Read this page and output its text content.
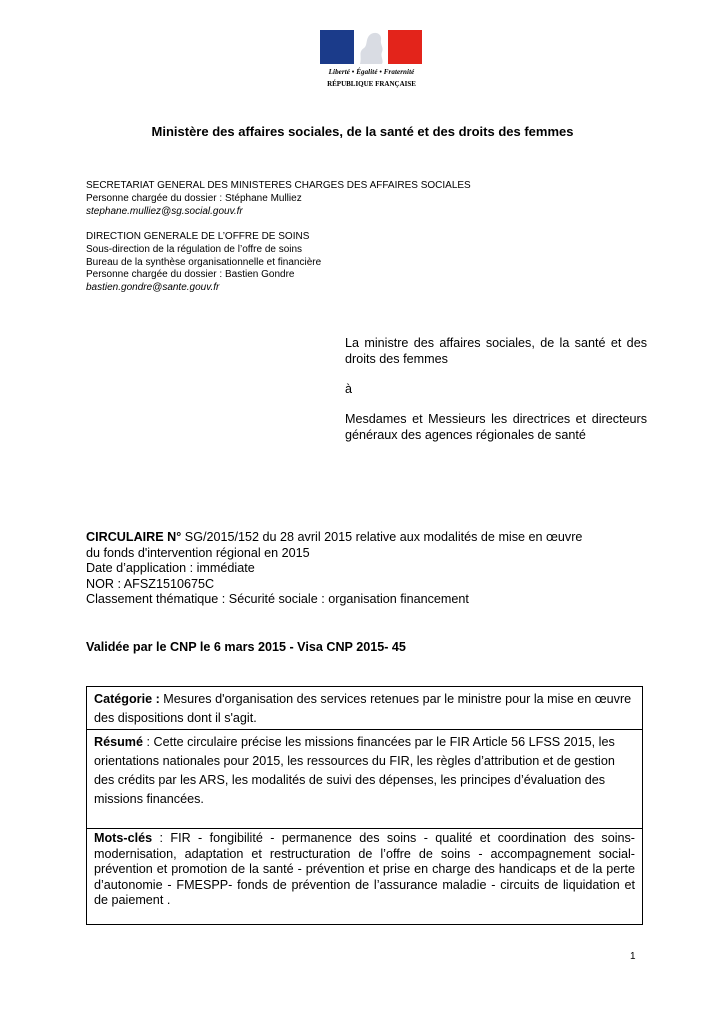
Liberté • Égalité • Fraternité
RÉPUBLIQUE FRANÇAISE
Ministère des affaires sociales, de la santé et des droits des femmes
SECRETARIAT GENERAL DES MINISTERES CHARGES DES AFFAIRES SOCIALES
Personne chargée du dossier : Stéphane Mulliez
stephane.mulliez@sg.social.gouv.fr
DIRECTION GENERALE DE L’OFFRE DE SOINS
Sous-direction de la régulation de l’offre de soins
Bureau de la synthèse organisationnelle et financière
Personne chargée du dossier : Bastien Gondre
bastien.gondre@sante.gouv.fr

La ministre des affaires sociales, de la santé et des droits des femmes

à

Mesdames et Messieurs les directrices et directeurs généraux des agences régionales de santé

CIRCULAIRE N° SG/2015/152 du 28 avril 2015 relative aux modalités de mise en œuvre
du fonds d'intervention régional en 2015
Date d’application : immédiate
NOR : AFSZ1510675C
Classement thématique : Sécurité sociale : organisation financement
Validée par le CNP le 6 mars 2015 - Visa CNP 2015- 45
Catégorie : Mesures d'organisation des services retenues par le ministre pour la mise en œuvre des dispositions dont il s'agit.
Résumé : Cette circulaire précise les missions financées par le FIR Article 56 LFSS 2015, les orientations nationales pour 2015, les ressources du FIR, les règles d’attribution et de gestion des crédits par les ARS, les modalités de suivi des dépenses, les principes d’évaluation des missions financées.
Mots-clés : FIR - fongibilité - permanence des soins - qualité et coordination des soins-modernisation, adaptation et restructuration de l’offre de soins - accompagnement social-prévention et promotion de la santé - prévention et prise en charge des handicaps et de la perte d’autonomie - FMESPP- fonds de prévention de l’assurance maladie - circuits de liquidation et de paiement .
1
